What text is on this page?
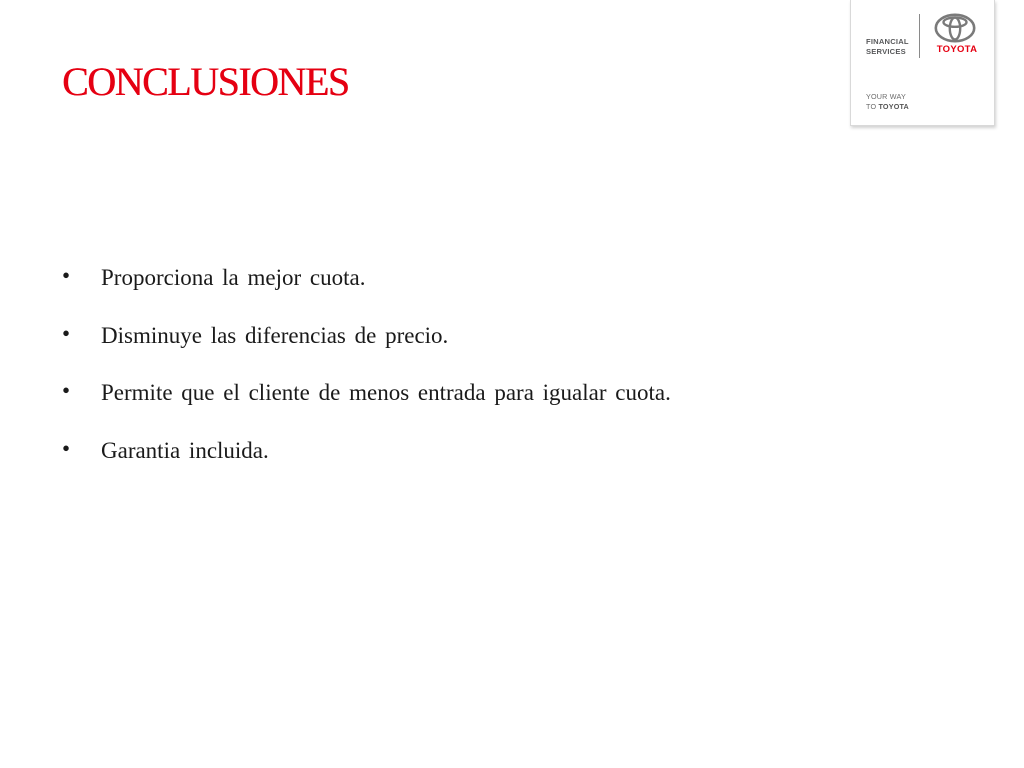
CONCLUSIONES
FINANCIAL
SERVICES	TOYOTA
YOUR WAY
TO TOYOTA
• Proporciona la mejor cuota.
• Disminuye las diferencias de precio.
• Permite que el cliente de menos entrada para igualar cuota.
• Garantia incluida.
